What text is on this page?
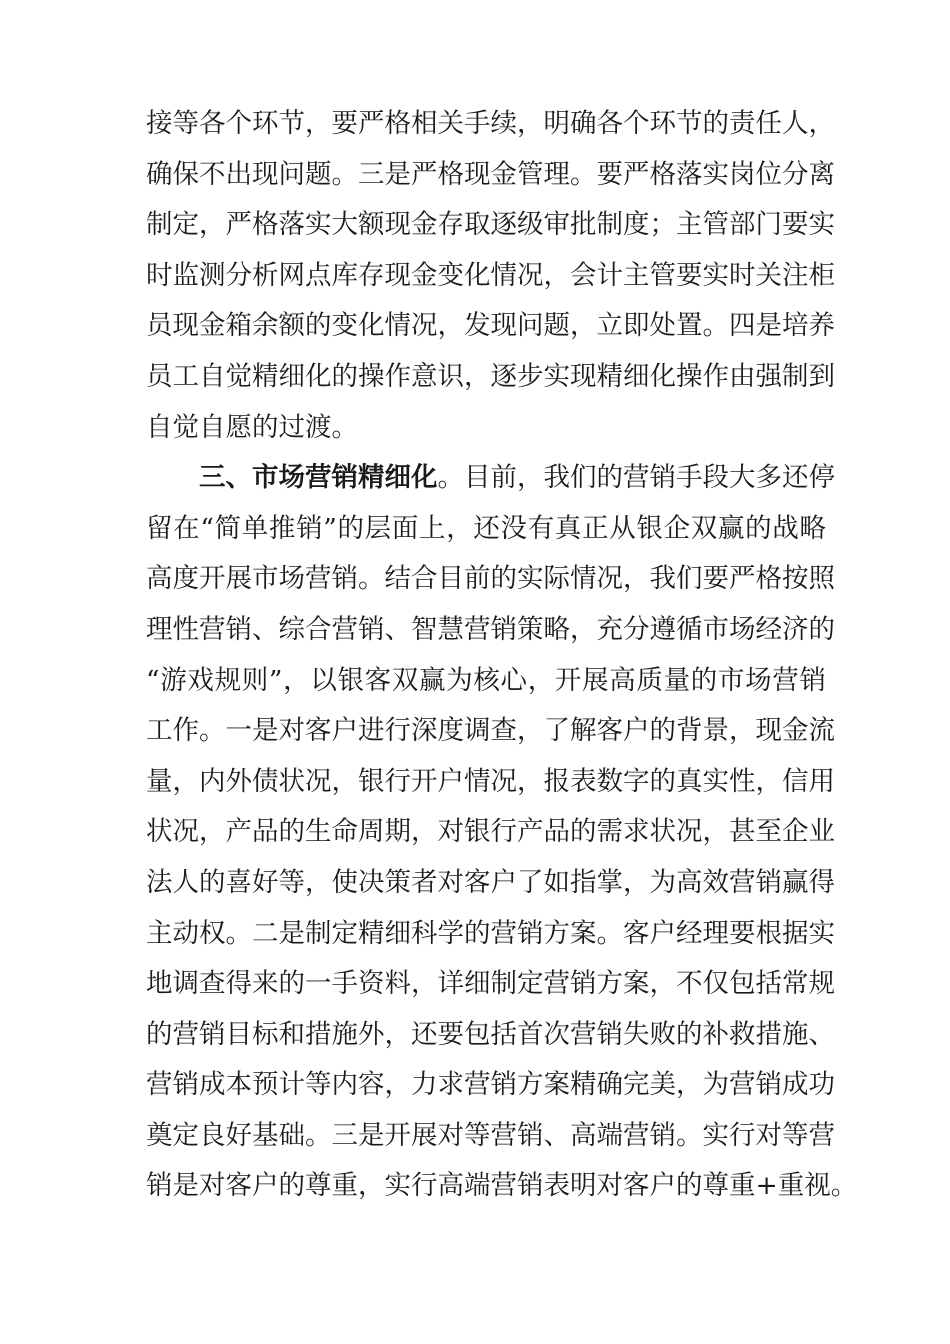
接等各个环节，要严格相关手续，明确各个环节的责任人，
确保不出现问题。三是严格现金管理。要严格落实岗位分离
制定，严格落实大额现金存取逐级审批制度；主管部门要实
时监测分析网点库存现金变化情况，会计主管要实时关注柜
员现金箱余额的变化情况，发现问题，立即处置。四是培养
员工自觉精细化的操作意识，逐步实现精细化操作由强制到
自觉自愿的过渡。
三、市场营销精细化。目前，我们的营销手段大多还停
留在“简单推销”的层面上，还没有真正从银企双赢的战略
高度开展市场营销。结合目前的实际情况，我们要严格按照
理性营销、综合营销、智慧营销策略，充分遵循市场经济的
“游戏规则”，以银客双赢为核心，开展高质量的市场营销
工作。一是对客户进行深度调查，了解客户的背景，现金流
量，内外债状况，银行开户情况，报表数字的真实性，信用
状况，产品的生命周期，对银行产品的需求状况，甚至企业
法人的喜好等，使决策者对客户了如指掌，为高效营销赢得
主动权。二是制定精细科学的营销方案。客户经理要根据实
地调查得来的一手资料，详细制定营销方案，不仅包括常规
的营销目标和措施外，还要包括首次营销失败的补救措施、
营销成本预计等内容，力求营销方案精确完美，为营销成功
奠定良好基础。三是开展对等营销、高端营销。实行对等营
销是对客户的尊重，实行高端营销表明对客户的尊重+重视。
